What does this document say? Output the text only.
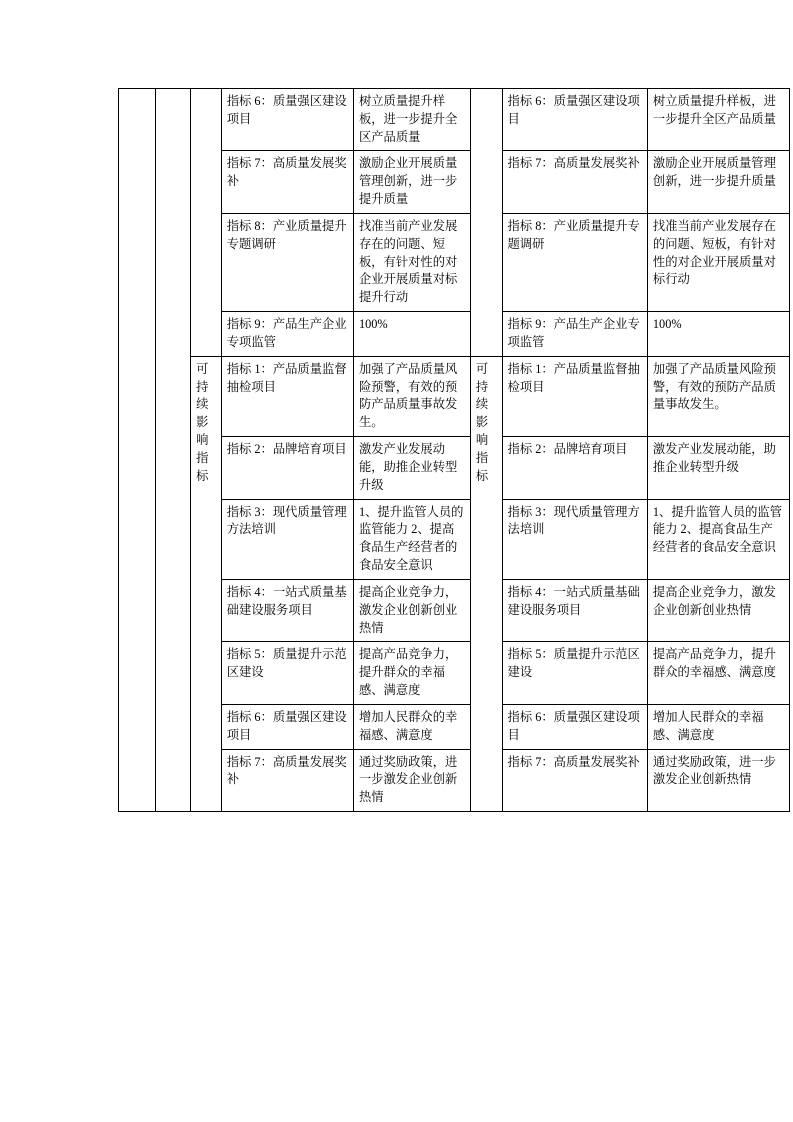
			指标 6：质量强区建设项目	树立质量提升样板，进一步提升全区产品质量		指标 6：质量强区建设项目	树立质量提升样板，进一步提升全区产品质量
			指标 7：高质量发展奖补	激励企业开展质量管理创新，进一步提升质量		指标 7：高质量发展奖补	激励企业开展质量管理创新，进一步提升质量
			指标 8：产业质量提升专题调研	找准当前产业发展存在的问题、短板，有针对性的对企业开展质量对标提升行动		指标 8：产业质量提升专题调研	找准当前产业发展存在的问题、短板，有针对性的对企业开展质量对标行动
			指标 9：产品生产企业专项监管	100%		指标 9：产品生产企业专项监管	100%

		可持续影响指标	指标 1：产品质量监督抽检项目	加强了产品质量风险预警，有效的预防产品质量事故发生。	可持续影响指标	指标 1：产品质量监督抽检项目	加强了产品质量风险预警，有效的预防产品质量事故发生。
			指标 2：品牌培育项目	激发产业发展动能，助推企业转型升级		指标 2：品牌培育项目	激发产业发展动能，助推企业转型升级
			指标 3：现代质量管理方法培训	1、提升监管人员的监管能力 2、提高食品生产经营者的食品安全意识		指标 3：现代质量管理方法培训	1、提升监管人员的监管能力 2、提高食品生产经营者的食品安全意识
			指标 4：一站式质量基础建设服务项目	提高企业竞争力，激发企业创新创业热情		指标 4：一站式质量基础建设服务项目	提高企业竞争力，激发企业创新创业热情
			指标 5：质量提升示范区建设	提高产品竞争力，提升群众的幸福感、满意度		指标 5：质量提升示范区建设	提高产品竞争力，提升群众的幸福感、满意度
			指标 6：质量强区建设项目	增加人民群众的幸福感、满意度		指标 6：质量强区建设项目	增加人民群众的幸福感、满意度
			指标 7：高质量发展奖补	通过奖励政策，进一步激发企业创新热情		指标 7：高质量发展奖补	通过奖励政策，进一步激发企业创新热情
